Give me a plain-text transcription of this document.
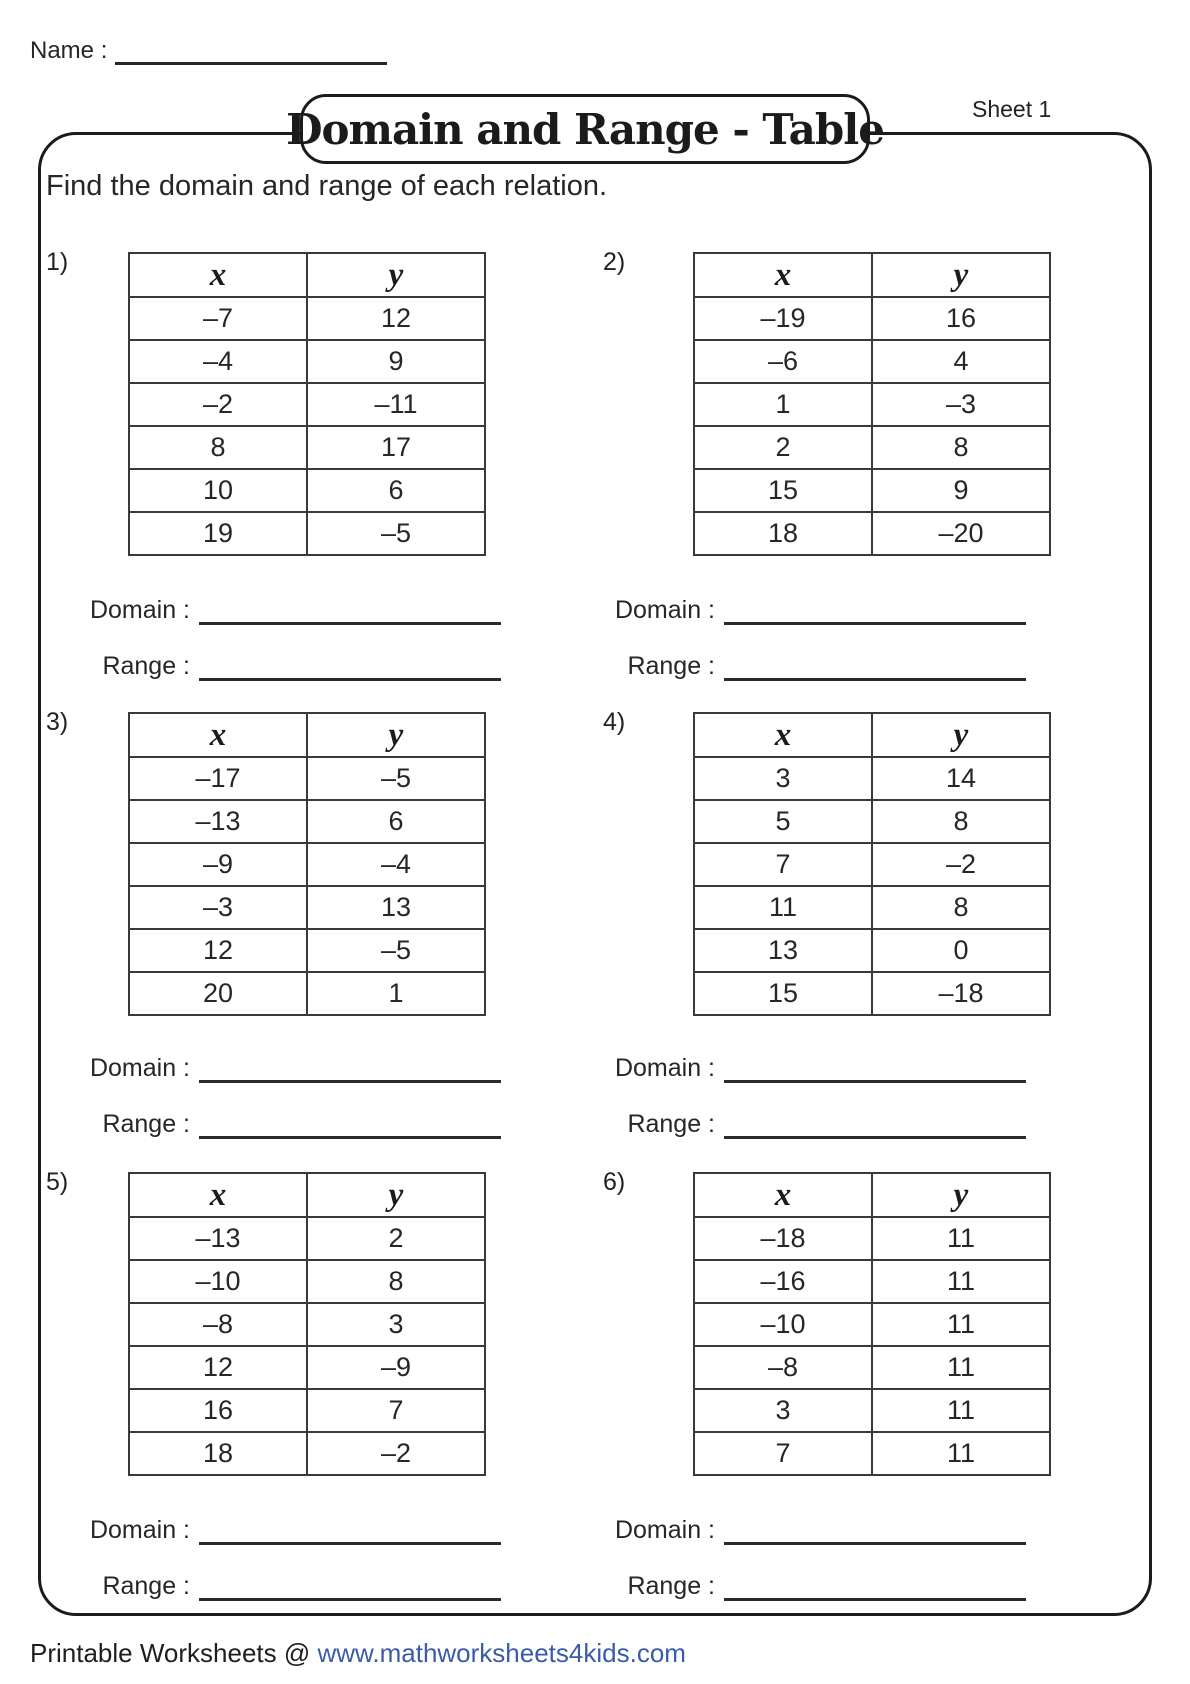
Name :
Domain and Range - Table	Sheet 1
Find the domain and range of each relation.
1)	x	y
–7	12
–4	9
–2	–11
8	17
10	6
19	–5
Domain :
Range :
2)	x	y
–19	16
–6	4
1	–3
2	8
15	9
18	–20
Domain :
Range :
3)	x	y
–17	–5
–13	6
–9	–4
–3	13
12	–5
20	1
Domain :
Range :
4)	x	y
3	14
5	8
7	–2
11	8
13	0
15	–18
Domain :
Range :
5)	x	y
–13	2
–10	8
–8	3
12	–9
16	7
18	–2
Domain :
Range :
6)	x	y
–18	11
–16	11
–10	11
–8	11
3	11
7	11
Domain :
Range :
Printable Worksheets @ www.mathworksheets4kids.com
